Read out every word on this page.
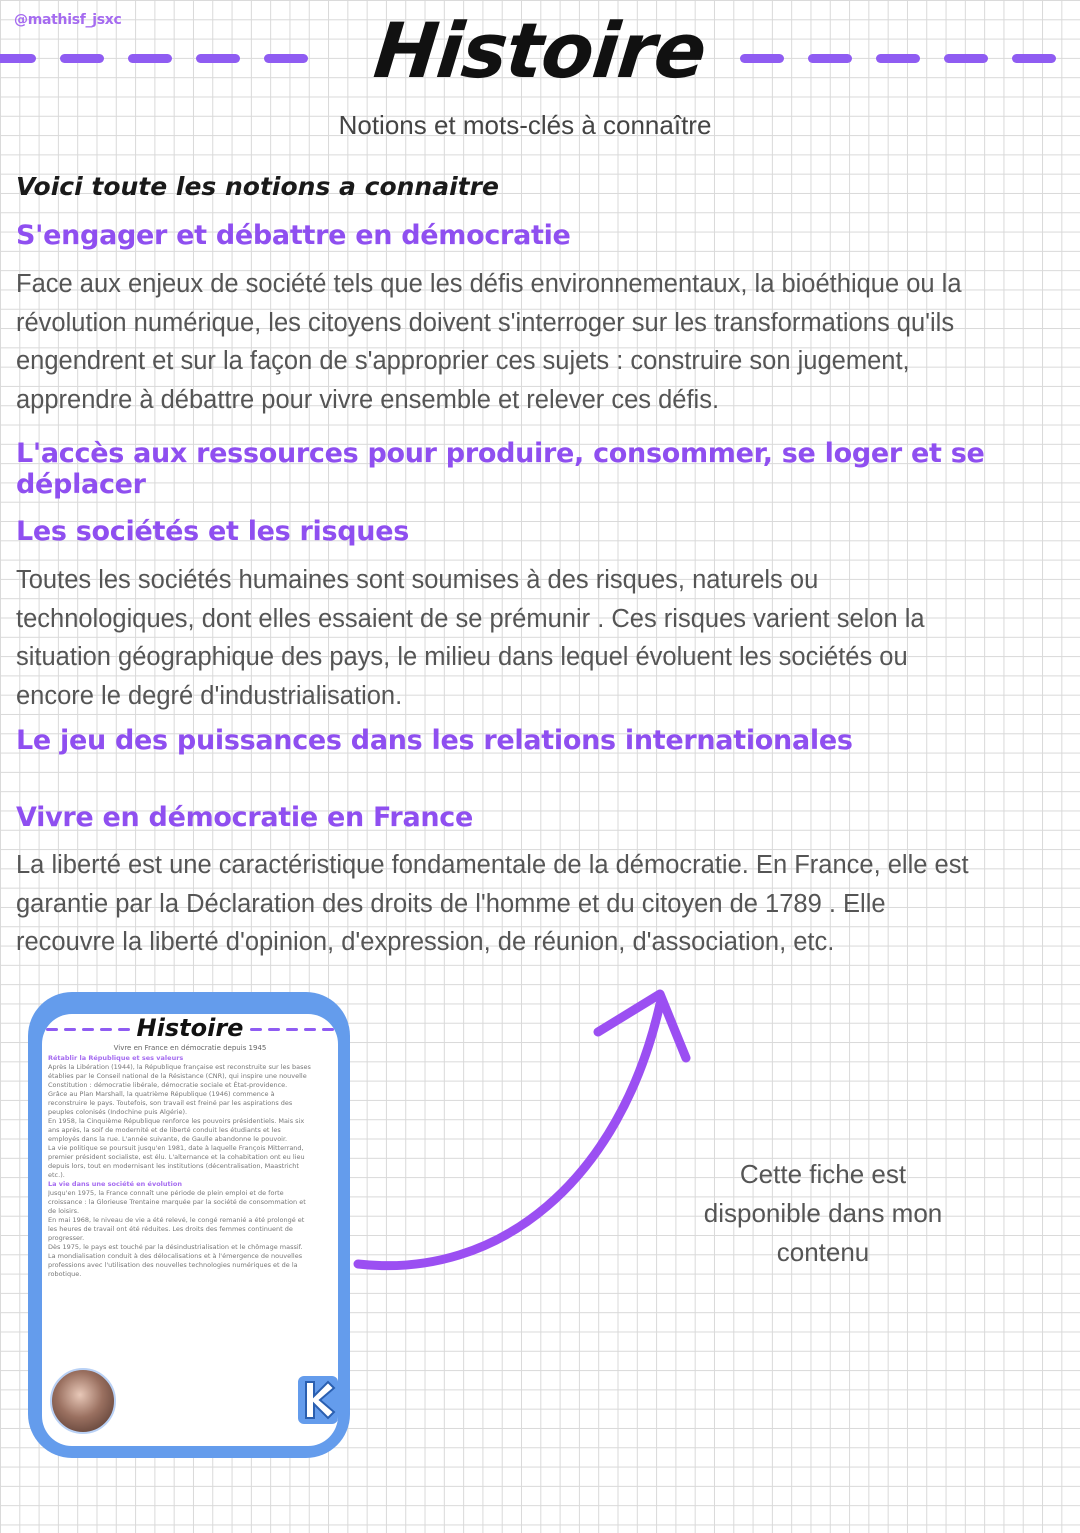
@mathisf_jsxc	Histoire
Notions et mots-clés à connaître
Voici toute les notions a connaitre
S'engager et débattre en démocratie
Face aux enjeux de société tels que les défis environnementaux, la bioéthique ou la
révolution numérique, les citoyens doivent s'interroger sur les transformations qu'ils
engendrent et sur la façon de s'approprier ces sujets : construire son jugement,
apprendre à débattre pour vivre ensemble et relever ces défis.
L'accès aux ressources pour produire, consommer, se loger et se déplacer
Les sociétés et les risques
Toutes les sociétés humaines sont soumises à des risques, naturels ou
technologiques, dont elles essaient de se prémunir . Ces risques varient selon la
situation géographique des pays, le milieu dans lequel évoluent les sociétés ou
encore le degré d'industrialisation.
Le jeu des puissances dans les relations internationales
Vivre en démocratie en France
La liberté est une caractéristique fondamentale de la démocratie. En France, elle est
garantie par la Déclaration des droits de l'homme et du citoyen de 1789 . Elle
recouvre la liberté d'opinion, d'expression, de réunion, d'association, etc.
Histoire
Vivre en France en démocratie depuis 1945
Rétablir la République et ses valeurs
Après la Libération (1944), la République française est reconstruite sur les bases
établies par le Conseil national de la Résistance (CNR), qui inspire une nouvelle
Constitution : démocratie libérale, démocratie sociale et État-providence.
Grâce au Plan Marshall, la quatrième République (1946) commence à
reconstruire le pays. Toutefois, son travail est freiné par les aspirations des
peuples colonisés (Indochine puis Algérie).
En 1958, la Cinquième République renforce les pouvoirs présidentiels. Mais six
ans après, la soif de modernité et de liberté conduit les étudiants et les
employés dans la rue. L'année suivante, de Gaulle abandonne le pouvoir.
La vie politique se poursuit jusqu'en 1981, date à laquelle François Mitterrand,
premier président socialiste, est élu. L'alternance et la cohabitation ont eu lieu
depuis lors, tout en modernisant les institutions (décentralisation, Maastricht
etc.).
La vie dans une société en évolution
Jusqu'en 1975, la France connaît une période de plein emploi et de forte
croissance : la Glorieuse Trentaine marquée par la société de consommation et
de loisirs.
En mai 1968, le niveau de vie a été relevé, le congé remanié a été prolongé et
les heures de travail ont été réduites. Les droits des femmes continuent de
progresser.
Dès 1975, le pays est touché par la désindustrialisation et le chômage massif.
La mondialisation conduit à des délocalisations et à l'émergence de nouvelles
professions avec l'utilisation des nouvelles technologies numériques et de la
robotique.
Cette fiche est
disponible dans mon
contenu
